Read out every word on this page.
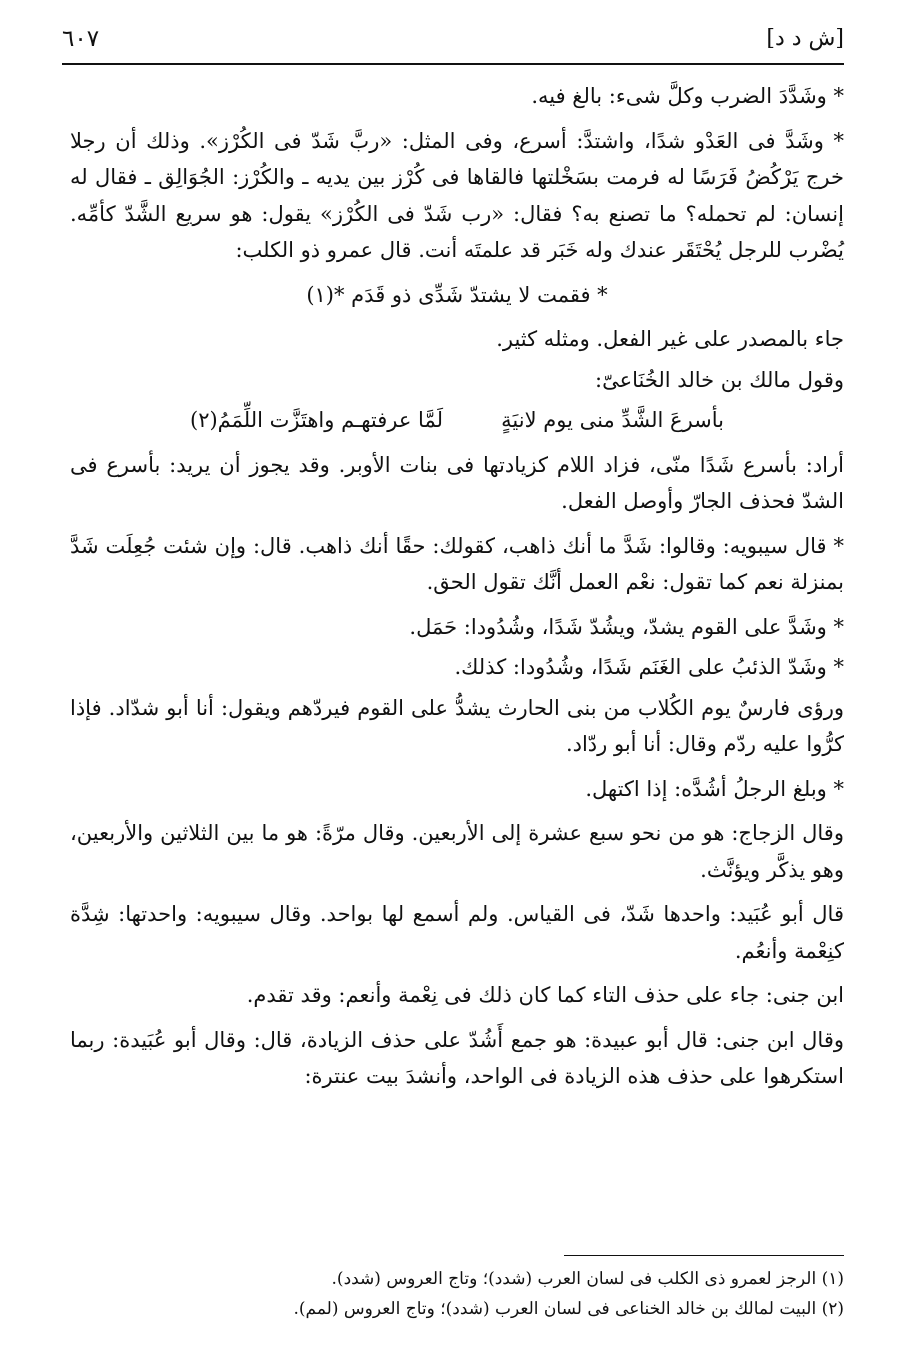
[ش د د]
٦٠٧

* وشَدَّدَ الضرب وكلَّ شىء: بالغ فيه.

* وشَدَّ فى العَدْو شدًا، واشتدَّ: أسرع، وفى المثل: «ربَّ شَدّ فى الكُرْز». وذلك أن رجلا خرج يَرْكُضُ فَرَسًا له فرمت بسَخْلتها فالقاها فى كُرْز بين يديه ـ والكُرْز: الجُوَالِق ـ فقال له إنسان: لم تحمله؟ ما تصنع به؟ فقال: «رب شَدّ فى الكُرْز» يقول: هو سريع الشَّدّ كأمِّه. يُضْرب للرجل يُحْتَقَر عندك وله خَبَر قد علمتَه أنت. قال عمرو ذو الكلب:

* فقمت لا يشتدّ شَدِّى ذو قَدَم *(١)

جاء بالمصدر على غير الفعل. ومثله كثير.

وقول مالك بن خالد الخُنَاعىّ:

بأسرعَ الشَّدِّ منى يوم لانيَةٍ
لَمَّا عرفتهـم واهتَزَّت اللِّمَمُ(٢)

أراد: بأسرع شَدًا منّى، فزاد اللام كزيادتها فى بنات الأوبر. وقد يجوز أن يريد: بأسرع فى الشدّ فحذف الجارّ وأوصل الفعل.

* قال سيبويه: وقالوا: شَدَّ ما أنك ذاهب، كقولك: حقًا أنك ذاهب. قال: وإن شئت جُعِلَت شَدَّ بمنزلة نعم كما تقول: نعْم العمل أنَّك تقول الحق.

* وشَدَّ على القوم يشدّ، ويشُدّ شَدًا، وشُدُودا: حَمَل.

* وشَدّ الذئبُ على الغَنَم شَدًا، وشُدُودا: كذلك.

ورؤى فارسٌ يوم الكُلاب من بنى الحارث يشدُّ على القوم فيردّهم ويقول: أنا أبو شدّاد. فإذا كرُّوا عليه ردّم وقال: أنا أبو ردّاد.

* وبلغ الرجلُ أشُدَّه: إذا اكتهل.

وقال الزجاج: هو من نحو سبع عشرة إلى الأربعين. وقال مرّةً: هو ما بين الثلاثين والأربعين، وهو يذكَّر ويؤنَّث.

قال أبو عُبَيد: واحدها شَدّ، فى القياس. ولم أسمع لها بواحد. وقال سيبويه: واحدتها: شِدَّة كنِعْمة وأنعُم.

ابن جنى: جاء على حذف التاء كما كان ذلك فى نِعْمة وأنعم: وقد تقدم.

وقال ابن جنى: قال أبو عبيدة: هو جمع أَشُدّ على حذف الزيادة، قال: وقال أبو عُبَيدة: ربما استكرهوا على حذف هذه الزيادة فى الواحد، وأنشدَ بيت عنترة:

(١) الرجز لعمرو ذى الكلب فى لسان العرب (شدد)؛ وتاج العروس (شدد).

(٢) البيت لمالك بن خالد الخناعى فى لسان العرب (شدد)؛ وتاج العروس (لمم).
